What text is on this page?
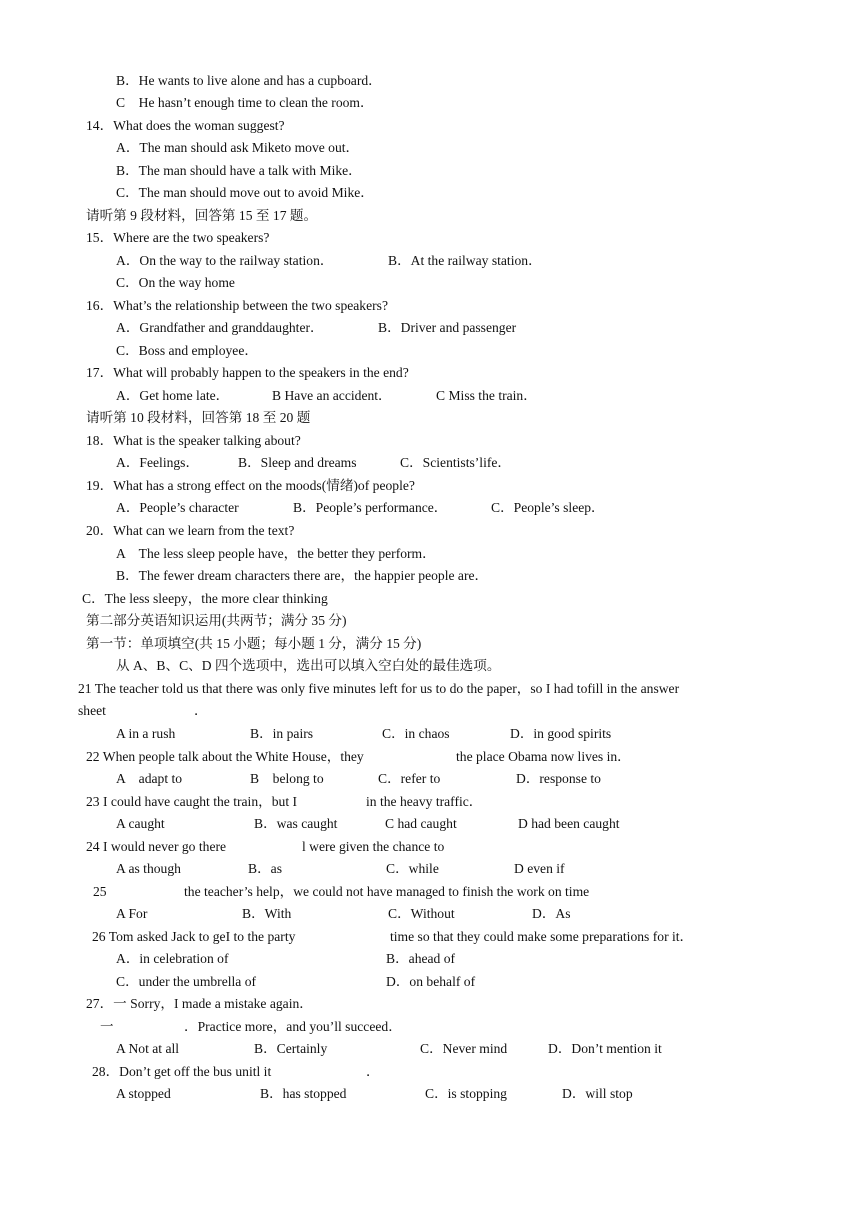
B．He wants to live alone and has a cupboard．
C　He hasn’t enough time to clean the room．
14．What does the woman suggest?
A．The man should ask Miketo move out．
B．The man should have a talk with Mike．
C．The man should move out to avoid Mike．
请听第 9 段材料，回答第 15 至 17 题。
15．Where are the two speakers?
A．On the way to the railway station．	B．At the railway station．
C．On the way home
16．What’s the relationship between the two speakers?
A．Grandfather and granddaughter．	B．Driver and passenger
C．Boss and employee．
17．What will probably happen to the speakers in the end?
A．Get home late．	B Have an accident．	C Miss the train．
请听第 10 段材料，回答第 18 至 20 题
18．What is the speaker talking about?
A．Feelings．	B．Sleep and dreams	C．Scientists’life．
19．What has a strong effect on the moods(情绪)of people?
A．People’s character	B．People’s performance．	C．People’s sleep．
20．What can we learn from the text?
A　The less sleep people have，the better they perform．
B．The fewer dream characters there are，the happier people are．
C．The less sleepy，the more clear thinking
第二部分英语知识运用(共两节；满分 35 分)
第一节：单项填空(共 15 小题；每小题 1 分，满分 15 分)
从 A、B、C、D 四个选项中，选出可以填入空白处的最佳选项。
21 The teacher told us that there was only five minutes left for us to do the paper，so I had tofill in the answer
sheet	．
A in a rush	B．in pairs	C．in chaos	D．in good spirits
22 When people talk about the White House，they	the place Obama now lives in．
A　adapt to	B　belong to	C．refer to	D．response to
23 I could have caught the train，but I	in the heavy traffic．
A caught	B．was caught	C had caught	D had been caught
24 I would never go there	l were given the chance to
A as though	B．as	C．while	D even if
25	the teacher’s help，we could not have managed to finish the work on time
A For	B．With	C．Without	D．As
26 Tom asked Jack to geI to the party	time so that they could make some preparations for it．
A．in celebration of	B．ahead of
C．under the umbrella of	D．on behalf of
27．一 Sorry，I made a mistake again．
一	．Practice more，and you’ll succeed．
A Not at all	B．Certainly	C．Never mind	D．Don’t mention it
28．Don’t get off the bus unitl it	．
A stopped	B．has stopped	C．is stopping	D．will stop
